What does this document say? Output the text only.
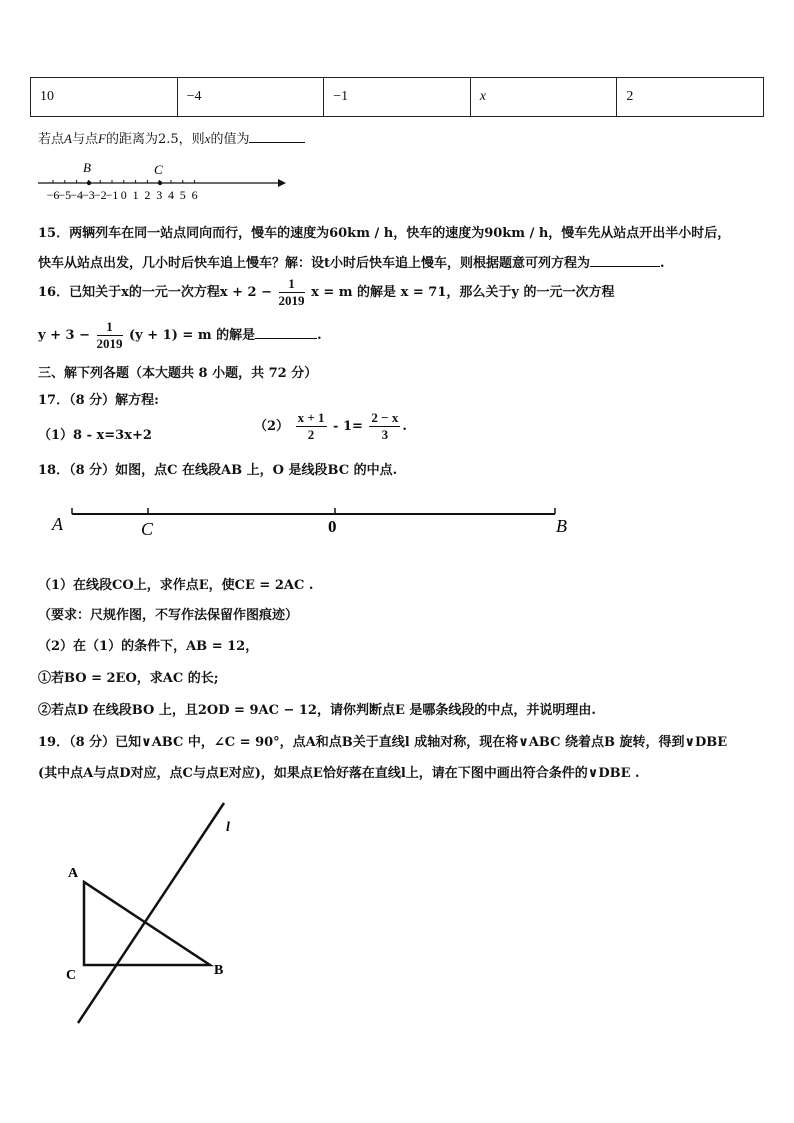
10	−4	−1	x	2
若点A与点F的距离为2.5，则x的值为
−6 −5 −4 −3 −2 −1 0 1 2 3 4 5 6
B	C
15．两辆列车在同一站点同向而行，慢车的速度为60km / h，快车的速度为90km / h，慢车先从站点开出半小时后，
快车从站点出发，几小时后快车追上慢车？解：设t小时后快车追上慢车，则根据题意可列方程为	.
16．已知关于x的一元一次方程$x + 2 - \frac{1}{2019}$ x = m 的解是 x = 71，那么关于y 的一元一次方程
$y + 3 - \frac{1}{2019} (y + 1) = m$ 的解是	.
三、解下列各题（本大题共 8 小题，共 72 分）
17．（8 分）解方程:
（1）8 - x=3x+2
$(2) \frac{x + 1}{2} - 1= \frac{2 - x}{3}$ .
18．（8 分）如图，点C 在线段AB 上，O 是线段BC 的中点.
A	C	0	B
（1）在线段CO上，求作点E，使CE = 2AC .
（要求：尺规作图，不写作法保留作图痕迹）
（2）在（1）的条件下，AB = 12，
①若BO = 2EO，求AC 的长;
②若点D 在线段BO 上，且2OD = 9AC − 12，请你判断点E 是哪条线段的中点，并说明理由.
19．（8 分）已知∨ABC 中，∠C = 90°，点A和点B关于直线l 成轴对称，现在将∨ABC 绕着点B 旋转，得到∨DBE
(其中点A与点D对应，点C与点E对应)，如果点E恰好落在直线l上，请在下图中画出符合条件的∨DBE .
l
A
C	B
